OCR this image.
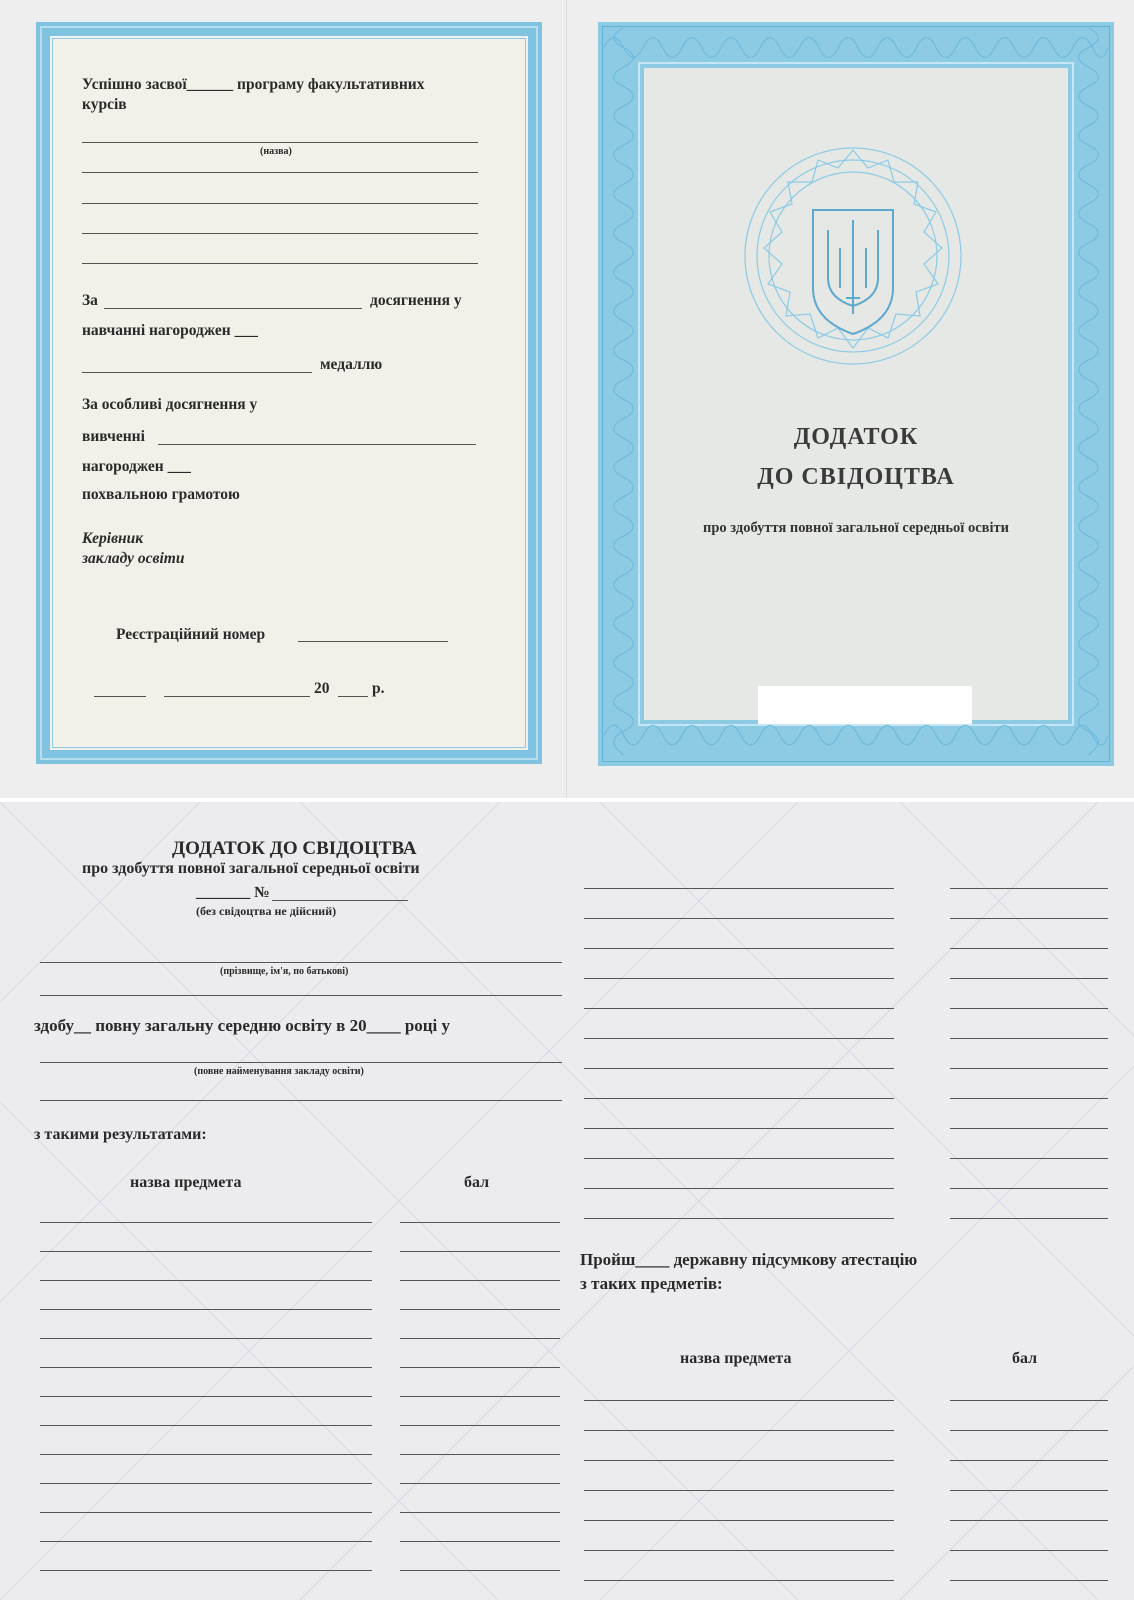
Успішно засвої______ програму факультативних
курсів
(назва)
За	досягнення у
навчанні нагороджен ___
медаллю
За особливі досягнення у
вивченні
нагороджен ___
похвальною грамотою
Керівник
закладу освіти
Реєстраційний номер
20	р.
ДОДАТОК
ДО СВІДОЦТВА
про здобуття повної загальної середньої освіти
ДОДАТОК ДО СВІДОЦТВА
про здобуття повної загальної середньої освіти
_______ №
(без свідоцтва не дійсний)
(прізвище, ім'я, по батькові)
здобу__ повну загальну середню освіту в 20____ році у
(повне найменування закладу освіти)
з такими результатами:
назва предмета	бал
Пройш____ державну підсумкову атестацію
з таких предметів:
назва предмета	бал
